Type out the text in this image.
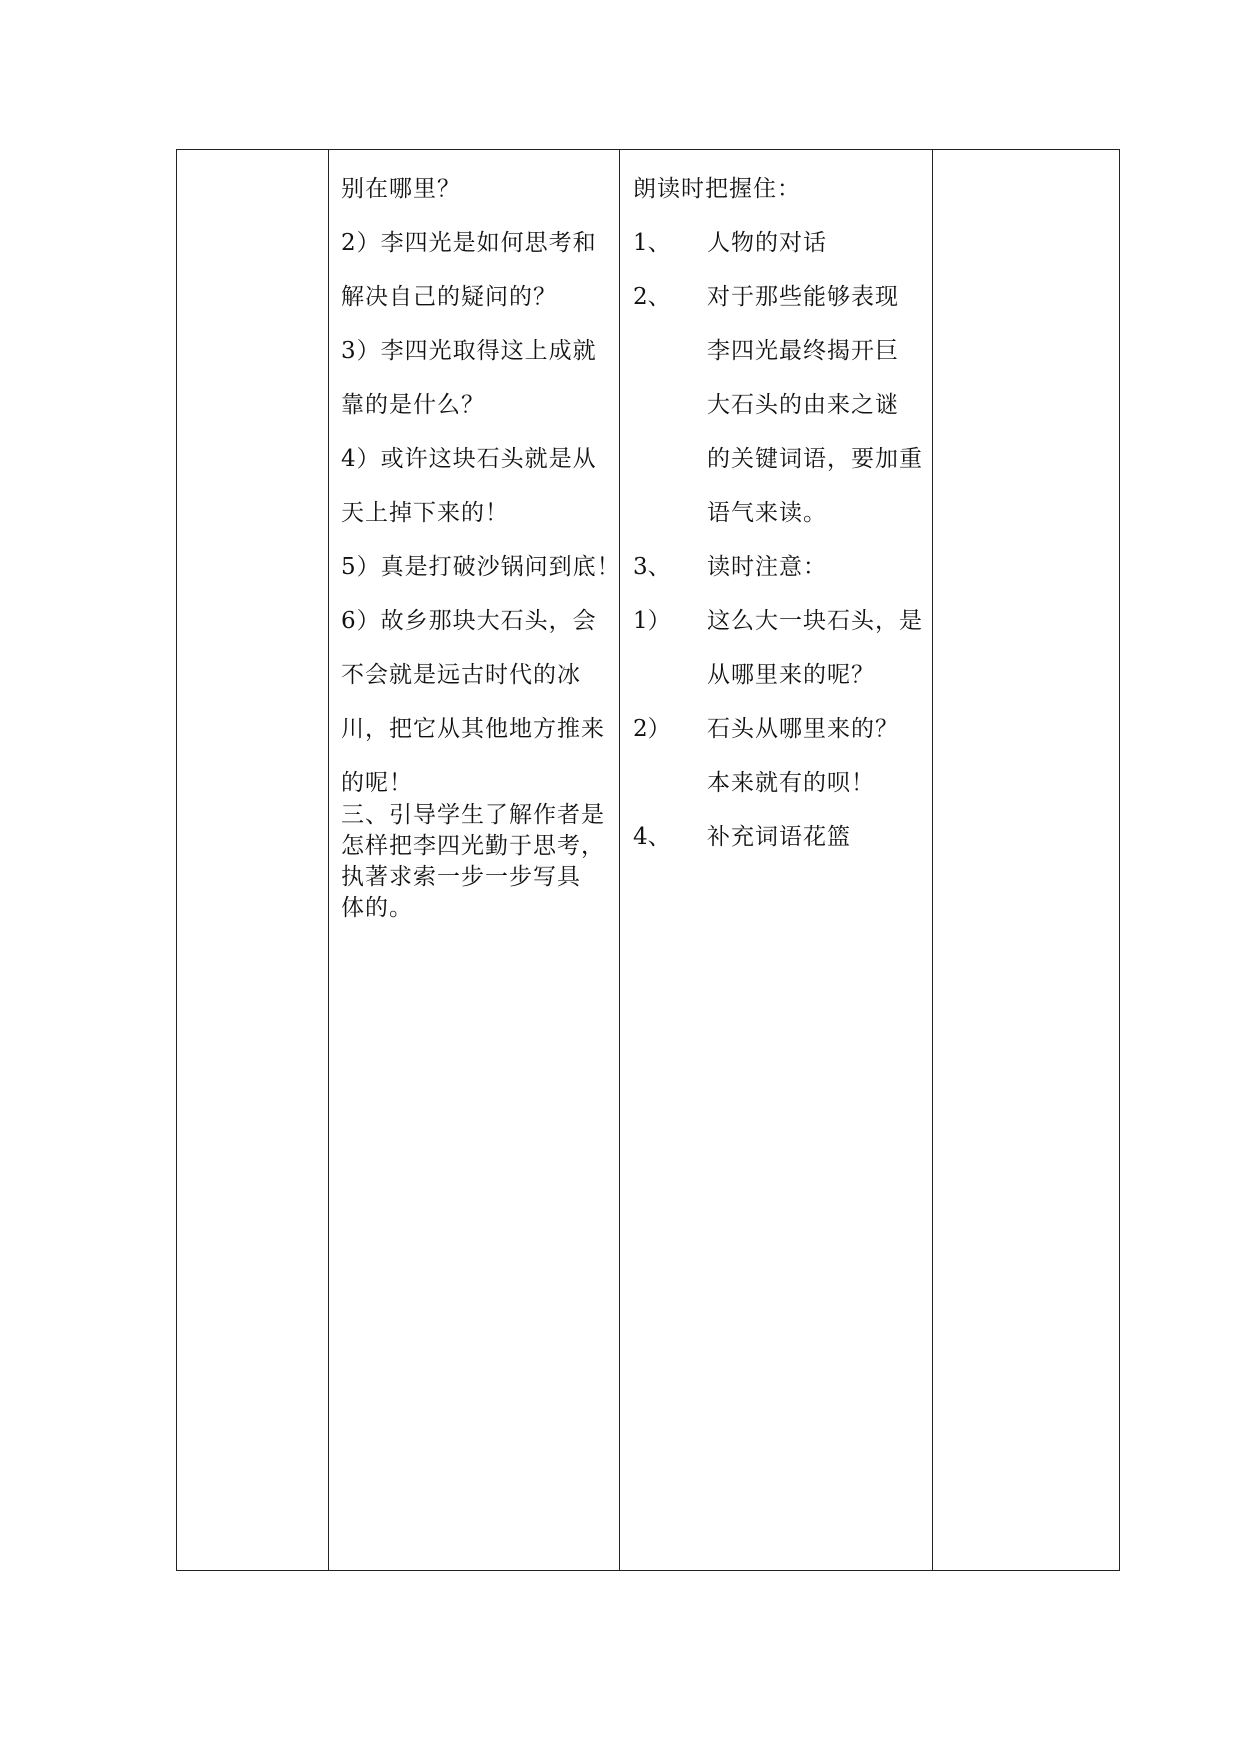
别在哪里？
2）李四光是如何思考和
解决自己的疑问的？
3）李四光取得这上成就
靠的是什么？
4）或许这块石头就是从
天上掉下来的！
5）真是打破沙锅问到底！
6）故乡那块大石头，会
不会就是远古时代的冰
川，把它从其他地方推来
的呢！
三、引导学生了解作者是
怎样把李四光勤于思考，
执著求索一步一步写具
体的。
朗读时把握住：
1、 人物的对话
2、 对于那些能够表现
李四光最终揭开巨
大石头的由来之谜
的关键词语，要加重
语气来读。
3、 读时注意：
1） 这么大一块石头，是
从哪里来的呢？
2） 石头从哪里来的？
本来就有的呗！
4、 补充词语花篮
